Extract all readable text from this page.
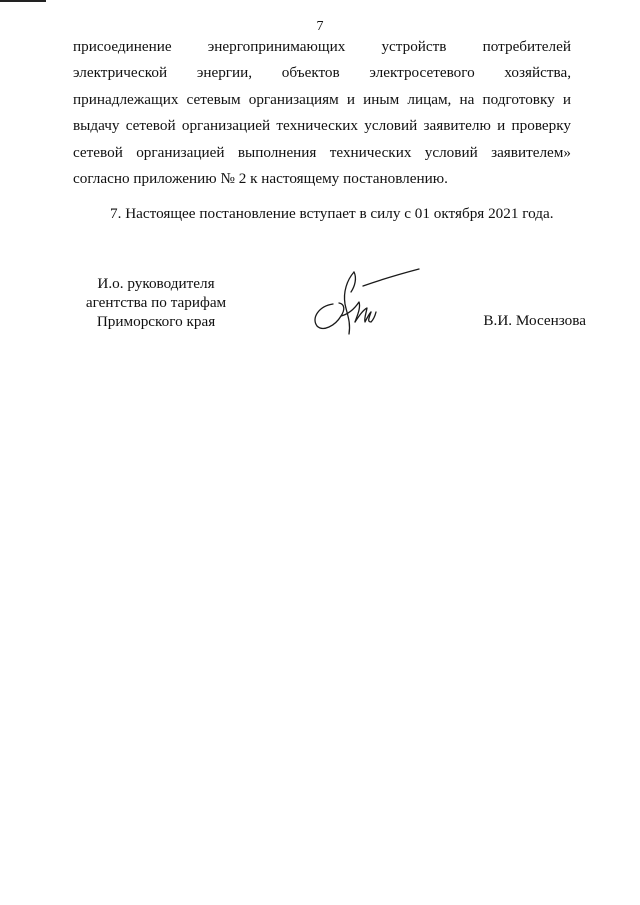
7

присоединение энергопринимающих устройств потребителей электрической энергии, объектов электросетевого хозяйства, принадлежащих сетевым организациям и иным лицам, на подготовку и выдачу сетевой организацией технических условий заявителю и проверку сетевой организацией выполнения технических условий заявителем» согласно приложению № 2 к настоящему постановлению.

7. Настоящее постановление вступает в силу с 01 октября 2021 года.

И.о. руководителя
агентства по тарифам
Приморского края	В.И. Мосензова
